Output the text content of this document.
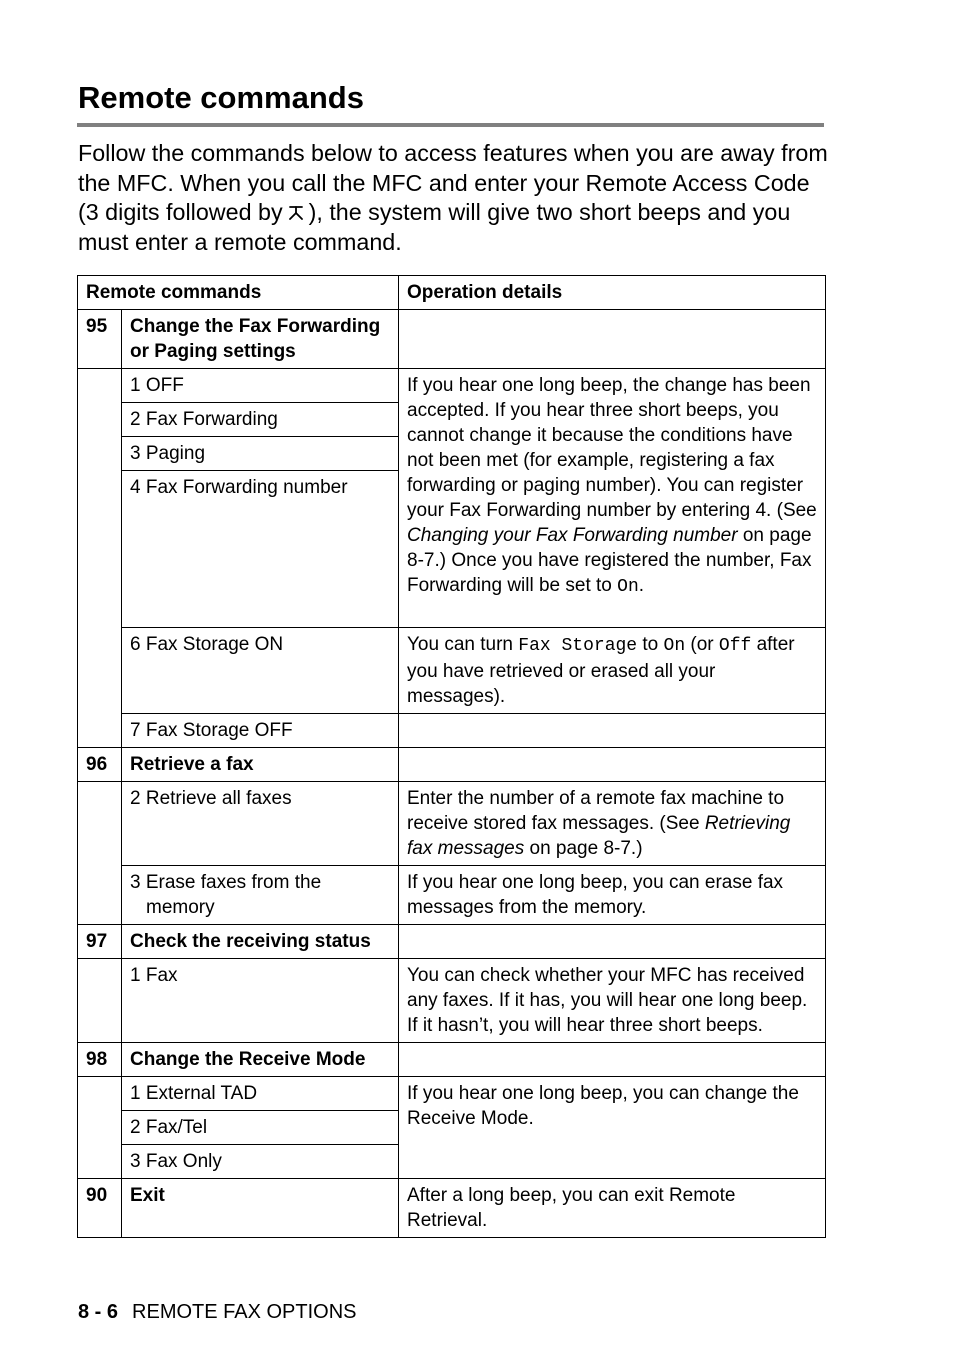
Remote commands

Follow the commands below to access features when you are away from the MFC. When you call the MFC and enter your Remote Access Code (3 digits followed by ), the system will give two short beeps and you must enter a remote command.

Remote commands		Operation details
95	Change the Fax Forwarding or Paging settings	
	1 OFF	If you hear one long beep, the change has been accepted. If you hear three short beeps, you cannot change it because the conditions have not been met (for example, registering a fax forwarding or paging number). You can register your Fax Forwarding number by entering 4. (See Changing your Fax Forwarding number on page 8-7.) Once you have registered the number, Fax Forwarding will be set to On.
	2 Fax Forwarding	
	3 Paging	
	4 Fax Forwarding number	
	6 Fax Storage ON	You can turn Fax Storage to On (or Off after you have retrieved or erased all your messages).
	7 Fax Storage OFF	
96	Retrieve a fax	
	2 Retrieve all faxes	Enter the number of a remote fax machine to receive stored fax messages. (See Retrieving fax messages on page 8-7.)

	3 Erase faxes from the memory	If you hear one long beep, you can erase fax messages from the memory.
97	Check the receiving status	
	1 Fax	You can check whether your MFC has received any faxes. If it has, you will hear one long beep. If it hasn’t, you will hear three short beeps.
98	Change the Receive Mode	
	1 External TAD	If you hear one long beep, you can change the Receive Mode.
	2 Fax/Tel	
	3 Fax Only	
90	Exit	After a long beep, you can exit Remote Retrieval.
8 - 6 REMOTE FAX OPTIONS
